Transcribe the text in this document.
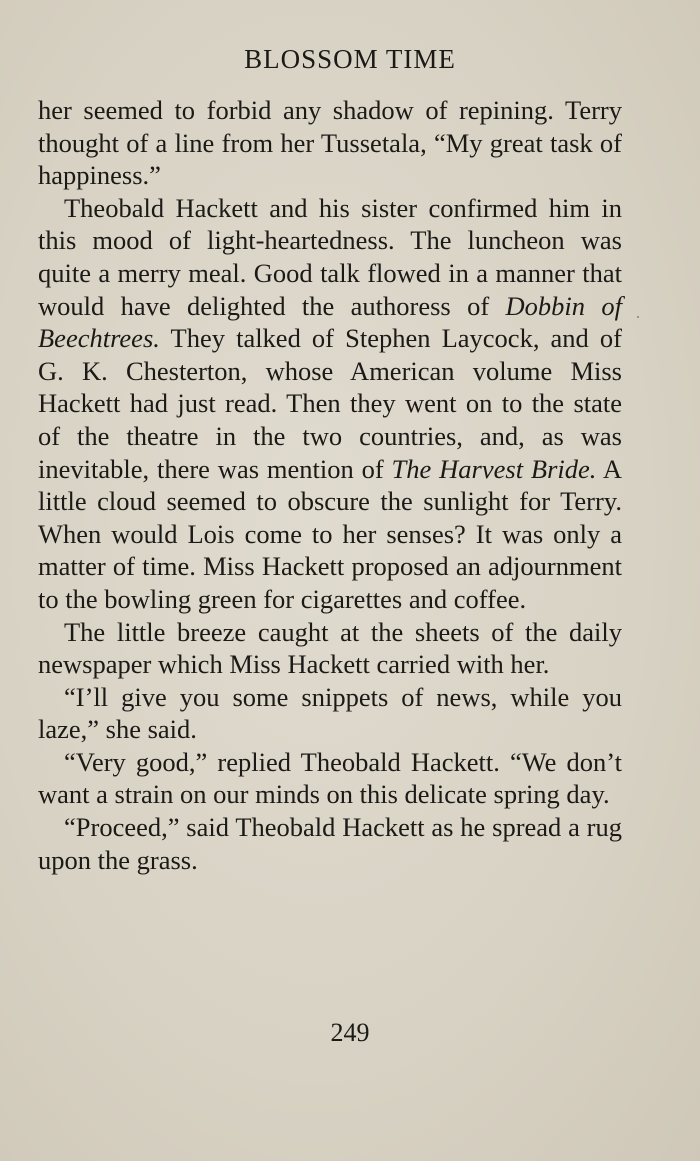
BLOSSOM TIME

her seemed to forbid any shadow of repining. Terry thought of a line from her Tussetala, “My great task of happiness.”

Theobald Hackett and his sister confirmed him in this mood of light-heartedness. The luncheon was quite a merry meal. Good talk flowed in a manner that would have delighted the authoress of Dobbin of Beechtrees. They talked of Stephen Laycock, and of G. K. Chesterton, whose American volume Miss Hackett had just read. Then they went on to the state of the theatre in the two countries, and, as was inevitable, there was mention of The Harvest Bride. A little cloud seemed to obscure the sunlight for Terry. When would Lois come to her senses? It was only a matter of time. Miss Hackett proposed an adjournment to the bowling green for cigarettes and coffee.

The little breeze caught at the sheets of the daily newspaper which Miss Hackett carried with her.

“I’ll give you some snippets of news, while you laze,” she said.

“Very good,” replied Theobald Hackett. “We don’t want a strain on our minds on this delicate spring day.

“Proceed,” said Theobald Hackett as he spread a rug upon the grass.

249
